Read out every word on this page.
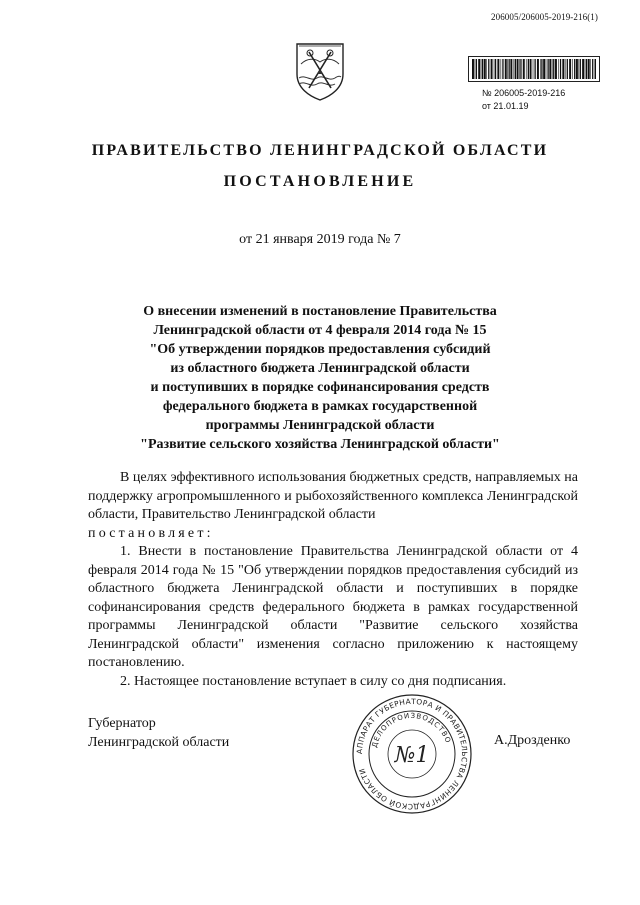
206005/206005-2019-216(1)
№ 206005-2019-216
от 21.01.19
ПРАВИТЕЛЬСТВО ЛЕНИНГРАДСКОЙ ОБЛАСТИ
ПОСТАНОВЛЕНИЕ
от 21 января 2019 года № 7
О внесении изменений в постановление Правительства
Ленинградской области от 4 февраля 2014 года № 15
"Об утверждении порядков предоставления субсидий
из областного бюджета Ленинградской области
и поступивших в порядке софинансирования средств
федерального бюджета в рамках государственной
программы Ленинградской области
"Развитие сельского хозяйства Ленинградской области"

В целях эффективного использования бюджетных средств, направляемых на поддержку агропромышленного и рыбохозяйственного комплекса Ленинградской области, Правительство Ленинградской области

постановляет:

1. Внести в постановление Правительства Ленинградской области от 4 февраля 2014 года № 15 "Об утверждении порядков предоставления субсидий из областного бюджета Ленинградской области и поступивших в порядке софинансирования средств федерального бюджета в рамках государственной программы Ленинградской области "Развитие сельского хозяйства Ленинградской области" изменения согласно приложению к настоящему постановлению.

2. Настоящее постановление вступает в силу со дня подписания.

Губернатор
Ленинградской области	А.Дрозденко
АППАРАТ ГУБЕРНАТОРА И ПРАВИТЕЛЬСТВА ЛЕНИНГРАДСКОЙ ОБЛАСТИ
ДЕЛОПРОИЗВОДСТВО
№1
